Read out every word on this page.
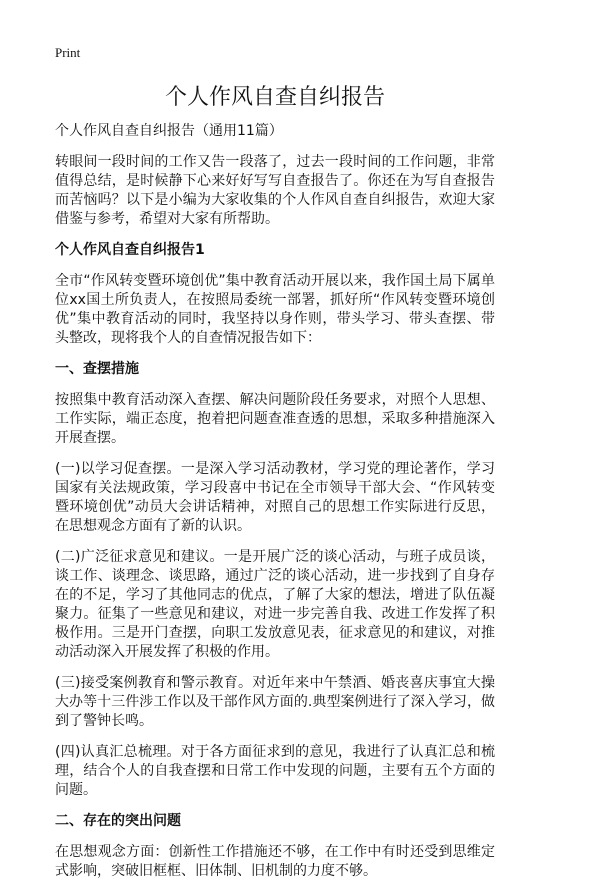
Print
个人作风自查自纠报告

个人作风自查自纠报告（通用11篇）

转眼间一段时间的工作又告一段落了，过去一段时间的工作问题，非常值得总结，是时候静下心来好好写写自查报告了。你还在为写自查报告而苦恼吗？以下是小编为大家收集的个人作风自查自纠报告，欢迎大家借鉴与参考，希望对大家有所帮助。

个人作风自查自纠报告1

全市“作风转变暨环境创优”集中教育活动开展以来，我作国土局下属单位xx国土所负责人，在按照局委统一部署，抓好所“作风转变暨环境创优”集中教育活动的同时，我坚持以身作则，带头学习、带头查摆、带头整改，现将我个人的自查情况报告如下：

一、查摆措施

按照集中教育活动深入查摆、解决问题阶段任务要求，对照个人思想、工作实际，端正态度，抱着把问题查准查透的思想，采取多种措施深入开展查摆。

(一)以学习促查摆。一是深入学习活动教材，学习党的理论著作，学习国家有关法规政策，学习段喜中书记在全市领导干部大会、“作风转变暨环境创优”动员大会讲话精神，对照自己的思想工作实际进行反思，在思想观念方面有了新的认识。

(二)广泛征求意见和建议。一是开展广泛的谈心活动，与班子成员谈，谈工作、谈理念、谈思路，通过广泛的谈心活动，进一步找到了自身存在的不足，学习了其他同志的优点，了解了大家的想法，增进了队伍凝聚力。征集了一些意见和建议，对进一步完善自我、改进工作发挥了积极作用。三是开门查摆，向职工发放意见表，征求意见的和建议，对推动活动深入开展发挥了积极的作用。

(三)接受案例教育和警示教育。对近年来中午禁酒、婚丧喜庆事宜大操大办等十三件涉工作以及干部作风方面的.典型案例进行了深入学习，做到了警钟长鸣。

(四)认真汇总梳理。对于各方面征求到的意见，我进行了认真汇总和梳理，结合个人的自我查摆和日常工作中发现的问题，主要有五个方面的问题。

二、存在的突出问题

在思想观念方面：创新性工作措施还不够，在工作中有时还受到思维定式影响，突破旧框框、旧体制、旧机制的力度不够。
